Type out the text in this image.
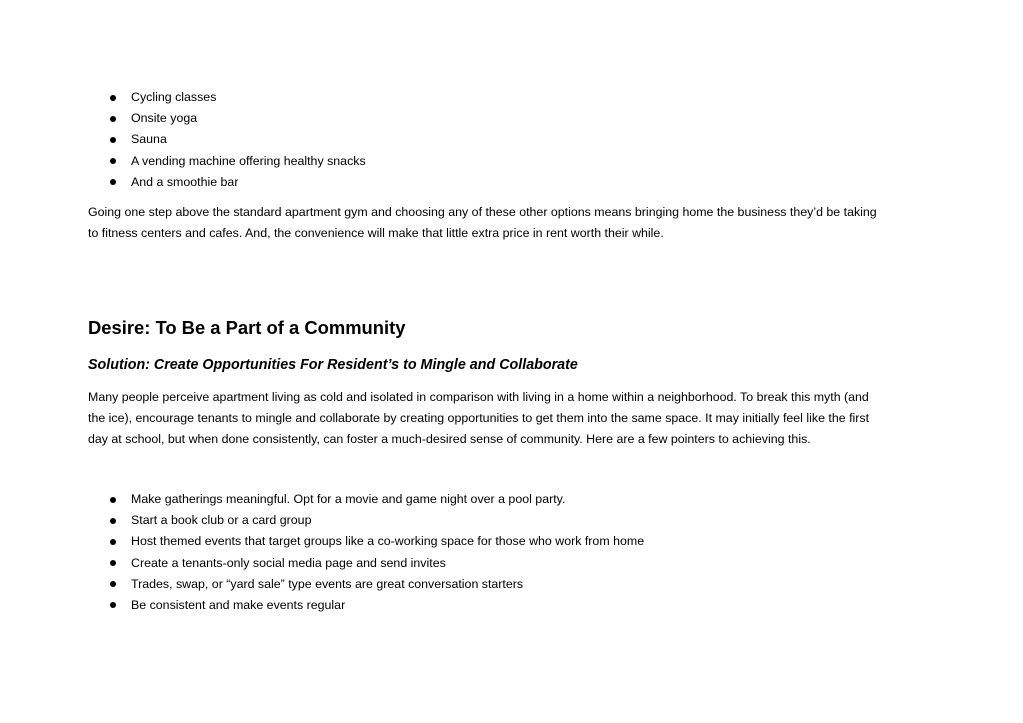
Cycling classes
Onsite yoga
Sauna
A vending machine offering healthy snacks
And a smoothie bar
Going one step above the standard apartment gym and choosing any of these other options means bringing home the business they’d be taking
to fitness centers and cafes. And, the convenience will make that little extra price in rent worth their while.
Desire: To Be a Part of a Community
Solution: Create Opportunities For Resident’s to Mingle and Collaborate
Many people perceive apartment living as cold and isolated in comparison with living in a home within a neighborhood. To break this myth (and
the ice), encourage tenants to mingle and collaborate by creating opportunities to get them into the same space. It may initially feel like the first
day at school, but when done consistently, can foster a much-desired sense of community. Here are a few pointers to achieving this.
Make gatherings meaningful. Opt for a movie and game night over a pool party.
Start a book club or a card group
Host themed events that target groups like a co-working space for those who work from home
Create a tenants-only social media page and send invites
Trades, swap, or “yard sale” type events are great conversation starters
Be consistent and make events regular
